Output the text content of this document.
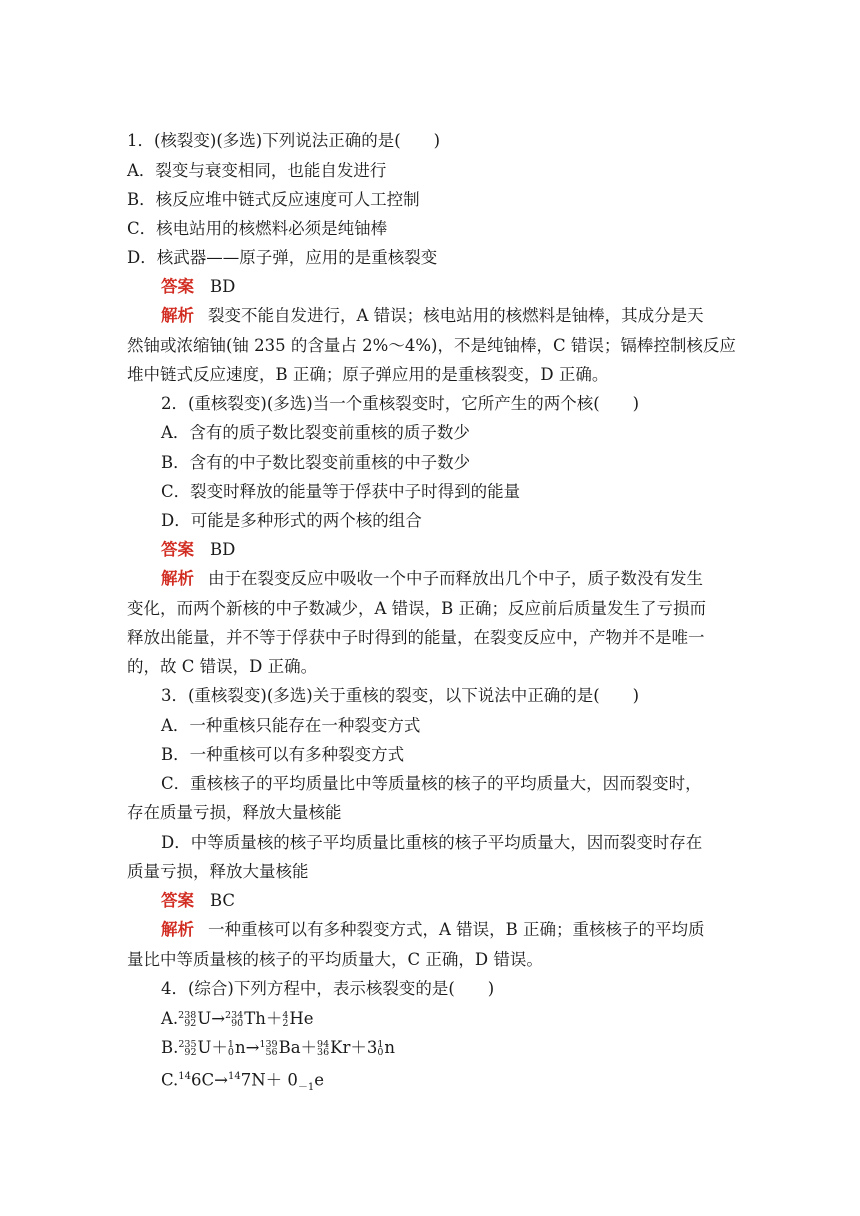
1．(核裂变)(多选)下列说法正确的是(　　)
A．裂变与衰变相同，也能自发进行
B．核反应堆中链式反应速度可人工控制
C．核电站用的核燃料必须是纯铀棒
D．核武器——原子弹，应用的是重核裂变
答案 BD
解析 裂变不能自发进行，A 错误；核电站用的核燃料是铀棒，其成分是天
然铀或浓缩铀(铀 235 的含量占 2%～4%)，不是纯铀棒，C 错误；镉棒控制核反应
堆中链式反应速度，B 正确；原子弹应用的是重核裂变，D 正确。
2．(重核裂变)(多选)当一个重核裂变时，它所产生的两个核(　　)
A．含有的质子数比裂变前重核的质子数少
B．含有的中子数比裂变前重核的中子数少
C．裂变时释放的能量等于俘获中子时得到的能量
D．可能是多种形式的两个核的组合
答案 BD
解析 由于在裂变反应中吸收一个中子而释放出几个中子，质子数没有发生
变化，而两个新核的中子数减少，A 错误，B 正确；反应前后质量发生了亏损而
释放出能量，并不等于俘获中子时得到的能量，在裂变反应中，产物并不是唯一
的，故 C 错误，D 正确。
3．(重核裂变)(多选)关于重核的裂变，以下说法中正确的是(　　)
A．一种重核只能存在一种裂变方式
B．一种重核可以有多种裂变方式
C．重核核子的平均质量比中等质量核的核子的平均质量大，因而裂变时，
存在质量亏损，释放大量核能
D．中等质量核的核子平均质量比重核的核子平均质量大，因而裂变时存在
质量亏损，释放大量核能
答案 BC
解析 一种重核可以有多种裂变方式，A 错误，B 正确；重核核子的平均质
量比中等质量核的核子的平均质量大，C 正确，D 错误。
4．(综合)下列方程中，表示核裂变的是(　　)
A. 238
92 U→ 234
90 Th＋ 4
2 He
B. 235
92 U＋ 1
0 n→ 139
56 Ba＋ 94
36 Kr＋3 1
0 n
$C.^{14}6C\to^{14}7N+ 0_{-1}e$
